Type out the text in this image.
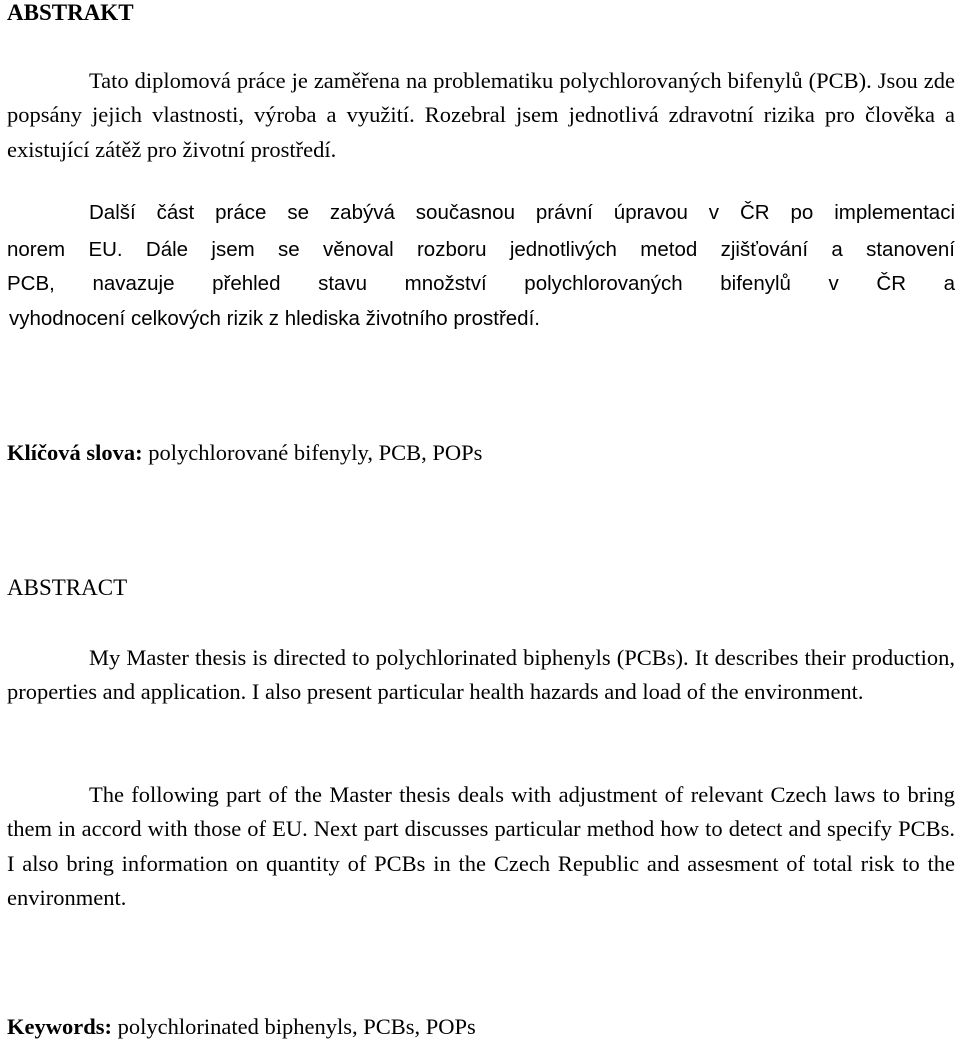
ABSTRAKT

Tato diplomová práce je zaměřena na problematiku polychlorovaných bifenylů (PCB). Jsou zde popsány jejich vlastnosti, výroba a využití. Rozebral jsem jednotlivá zdravotní rizika pro člověka a existující zátěž pro životní prostředí.

Další část práce se zabývá současnou právní úpravou v ČR po implementaci
norem EU. Dále jsem se věnoval rozboru jednotlivých metod zjišťování a stanovení
PCB, navazuje přehled stavu množství polychlorovaných bifenylů v ČR a
vyhodnocení celkových rizik z hlediska životního prostředí.
Klíčová slova: polychlorované bifenyly, PCB, POPs
ABSTRACT

My Master thesis is directed to polychlorinated biphenyls (PCBs). It describes their production, properties and application. I also present particular health hazards and load of the environment.

The following part of the Master thesis deals with adjustment of relevant Czech laws to bring them in accord with those of EU. Next part discusses particular method how to detect and specify PCBs. I also bring information on quantity of PCBs in the Czech Republic and assesment of total risk to the environment.

Keywords: polychlorinated biphenyls, PCBs, POPs
